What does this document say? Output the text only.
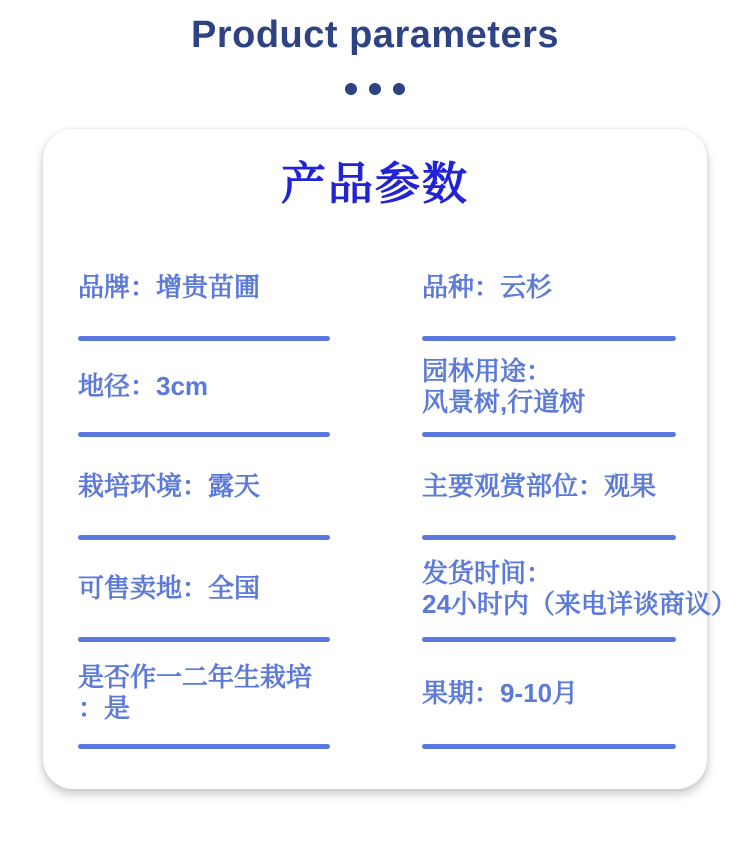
Product parameters
产品参数
品牌：增贵苗圃
地径：3cm
栽培环境：露天
可售卖地：全国
是否作一二年生栽培
：是
品种：云杉
园林用途：
风景树,行道树
主要观赏部位：观果
发货时间：
24小时内（来电详谈商议）
果期：9-10月
